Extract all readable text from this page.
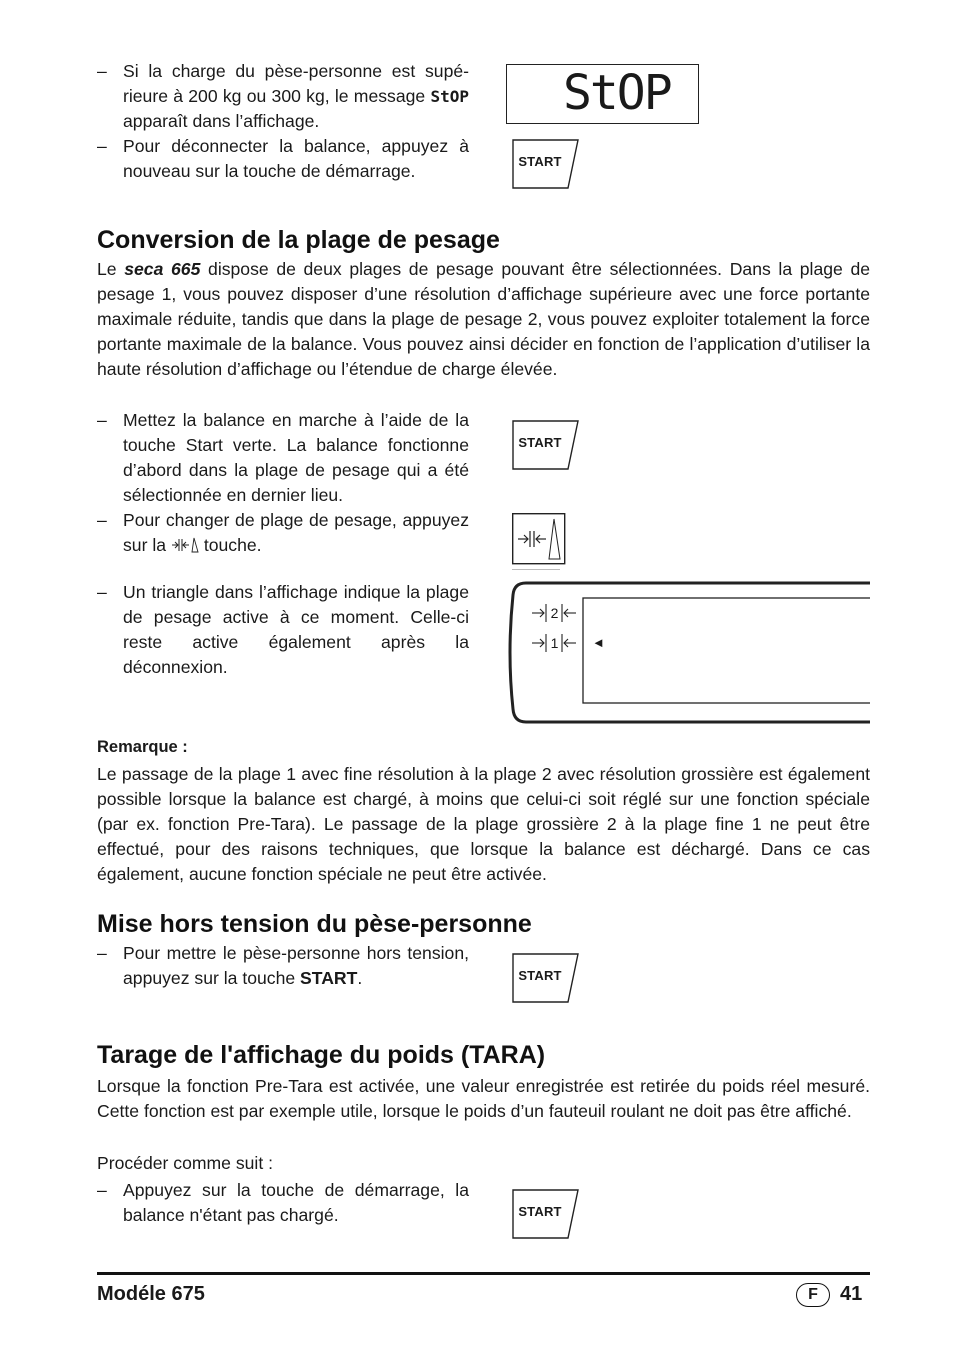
– Si la charge du pèse-personne est supé-rieure à 200 kg ou 300 kg, le message StOP apparaît dans l’affichage.
– Pour déconnecter la balance, appuyez à nouveau sur la touche de démarrage.
StOP
START
Conversion de la plage de pesage
Le seca 665 dispose de deux plages de pesage pouvant être sélectionnées. Dans la plage de pesage 1, vous pouvez disposer d’une résolution d’affichage supérieure avec une force portante maximale réduite, tandis que dans la plage de pesage 2, vous pouvez exploiter totalement la force portante maximale de la balance. Vous pouvez ainsi décider en fonction de l’application d’utiliser la haute résolution d’affichage ou l’étendue de charge élevée.
– Mettez la balance en marche à l’aide de la touche Start verte. La balance fonctionne d’abord dans la plage de pesage qui a été sélectionnée en dernier lieu.
– Pour changer de plage de pesage, appuyez sur la touche.
– Un triangle dans l’affichage indique la plage de pesage active à ce moment. Celle-ci reste active également après la déconnexion.
START
2
1	◄
Remarque :
Le passage de la plage 1 avec fine résolution à la plage 2 avec résolution grossière est également possible lorsque la balance est chargé, à moins que celui-ci soit réglé sur une fonction spéciale (par ex. fonction Pre-Tara). Le passage de la plage grossière 2 à la plage fine 1 ne peut être effectué, pour des raisons techniques, que lorsque la balance est déchargé. Dans ce cas également, aucune fonction spéciale ne peut être activée.
Mise hors tension du pèse-personne
– Pour mettre le pèse-personne hors tension, appuyez sur la touche START.	START
Tarage de l'affichage du poids (TARA)
Lorsque la fonction Pre-Tara est activée, une valeur enregistrée est retirée du poids réel mesuré. Cette fonction est par exemple utile, lorsque le poids d’un fauteuil roulant ne doit pas être affiché.
Procéder comme suit :
– Appuyez sur la touche de démarrage, la balance n'étant pas chargé.	START
Modéle 675	F 41
